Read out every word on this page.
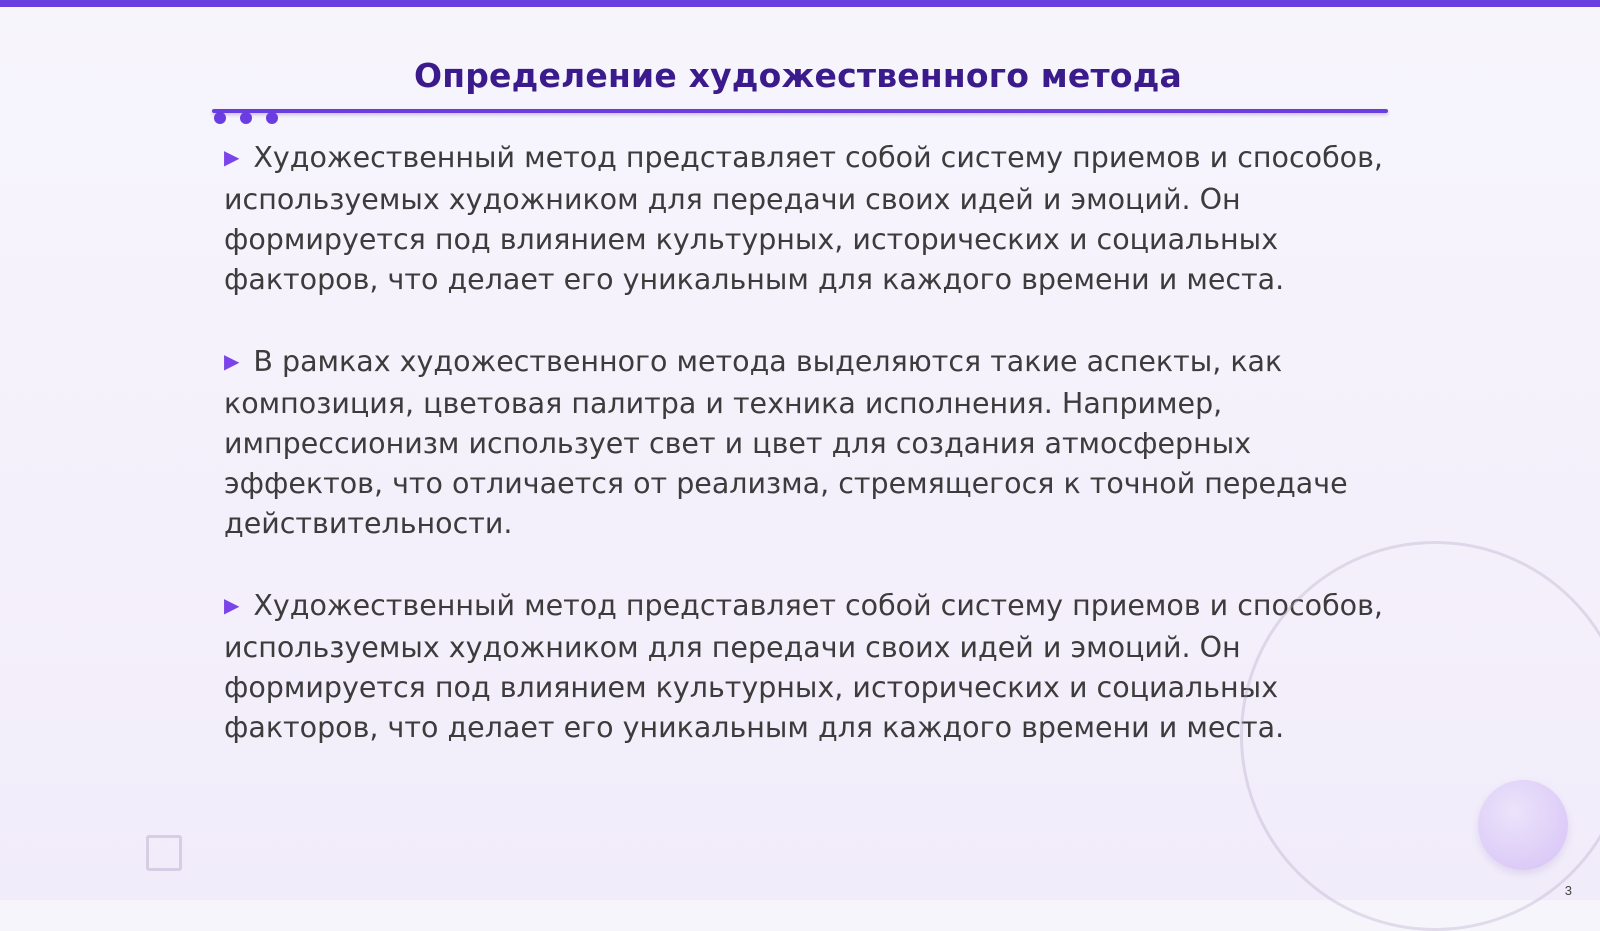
Определение художественного метода

▶ Художественный метод представляет собой систему приемов и способов, используемых художником для передачи своих идей и эмоций. Он формируется под влиянием культурных, исторических и социальных факторов, что делает его уникальным для каждого времени и места.

▶ В рамках художественного метода выделяются такие аспекты, как композиция, цветовая палитра и техника исполнения. Например, импрессионизм использует свет и цвет для создания атмосферных эффектов, что отличается от реализма, стремящегося к точной передаче действительности.

▶ Художественный метод представляет собой систему приемов и способов, используемых художником для передачи своих идей и эмоций. Он формируется под влиянием культурных, исторических и социальных факторов, что делает его уникальным для каждого времени и места.

3
